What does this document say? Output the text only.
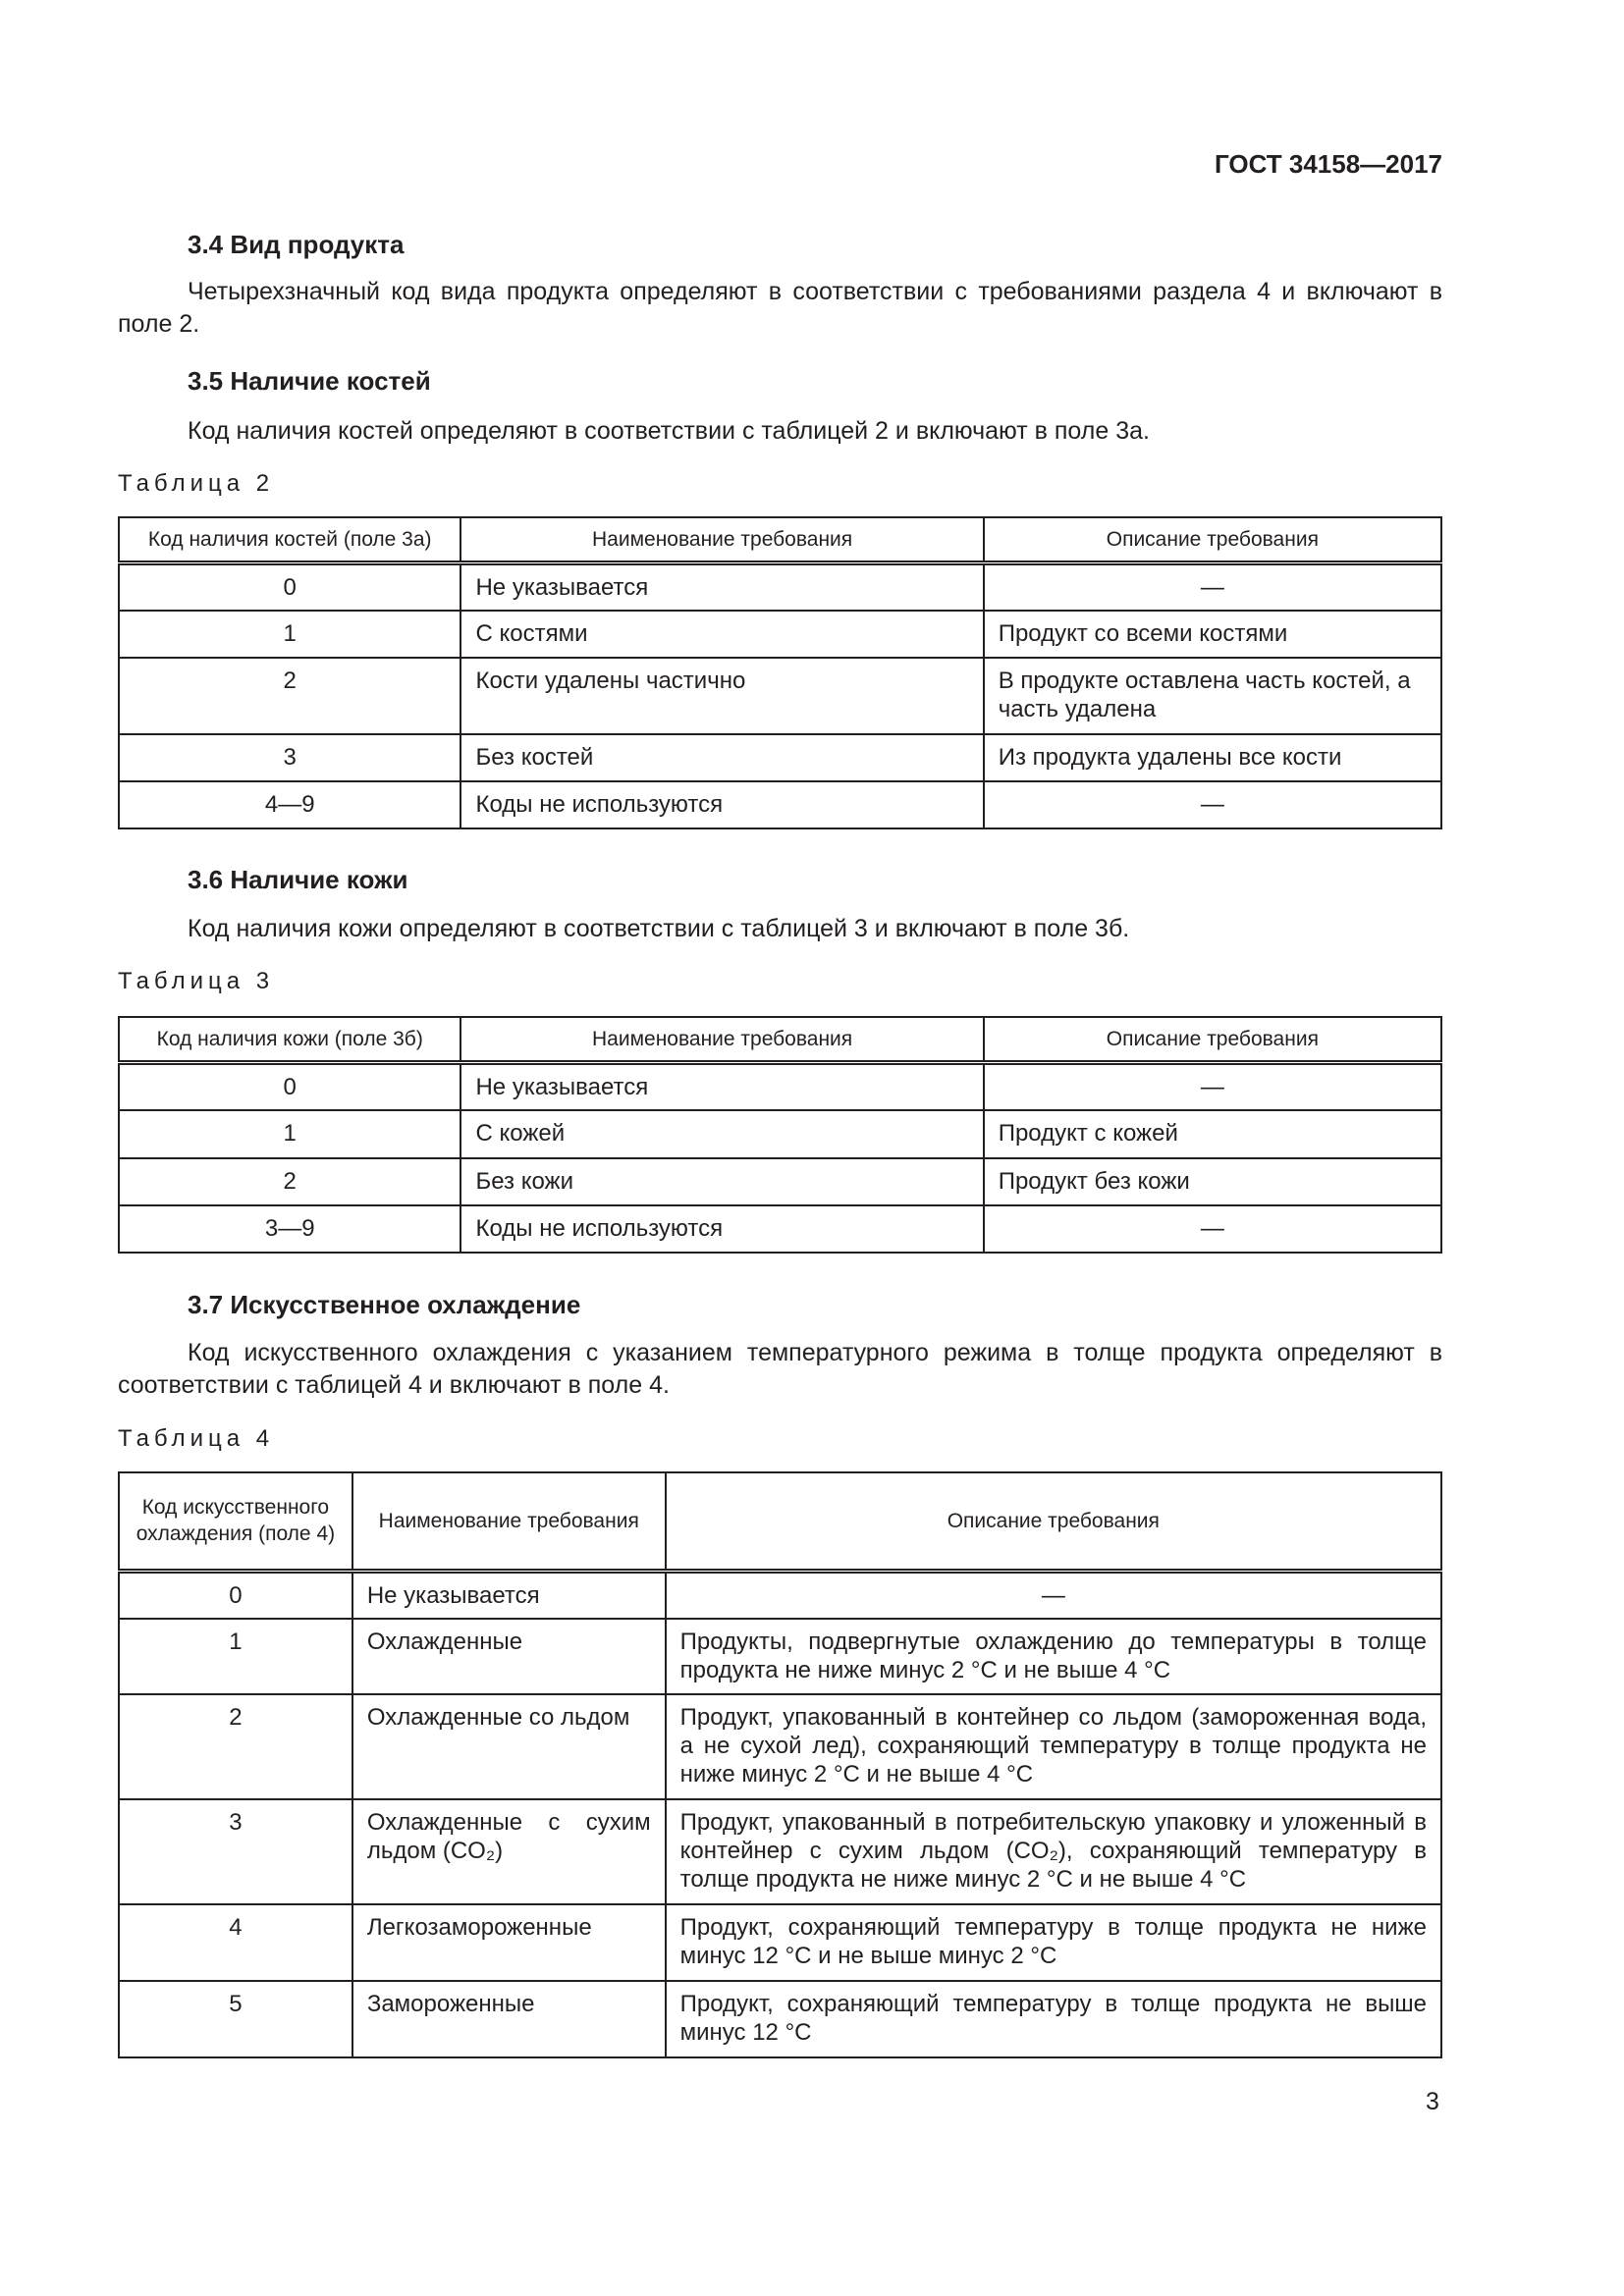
ГОСТ 34158—2017
3.4 Вид продукта
Четырехзначный код вида продукта определяют в соответствии с требованиями раздела 4 и включают в поле 2.
3.5 Наличие костей
Код наличия костей определяют в соответствии с таблицей 2 и включают в поле 3а.
Таблица 2
Код наличия костей (поле 3а)	Наименование требования	Описание требования
0	Не указывается	—
1	С костями	Продукт со всеми костями
2	Кости удалены частично	В продукте оставлена часть костей, а часть удалена
3	Без костей	Из продукта удалены все кости
4—9	Коды не используются	—
3.6 Наличие кожи
Код наличия кожи определяют в соответствии с таблицей 3 и включают в поле 3б.
Таблица 3
Код наличия кожи (поле 3б)	Наименование требования	Описание требования
0	Не указывается	—
1	С кожей	Продукт с кожей
2	Без кожи	Продукт без кожи
3—9	Коды не используются	—
3.7 Искусственное охлаждение
Код искусственного охлаждения с указанием температурного режима в толще продукта определяют в соответствии с таблицей 4 и включают в поле 4.
Таблица 4
Код искусственного охлаждения (поле 4)	Наименование требования	Описание требования
0	Не указывается	—
1	Охлажденные	Продукты, подвергнутые охлаждению до температуры в толще продукта не ниже минус 2 °С и не выше 4 °С
2	Охлажденные со льдом	Продукт, упакованный в контейнер со льдом (замороженная вода, а не сухой лед), сохраняющий температуру в толще продукта не ниже минус 2 °С и не выше 4 °С
3	Охлажденные с сухим льдом (CO₂)	Продукт, упакованный в потребительскую упаковку и уложенный в контейнер с сухим льдом (CO₂), сохраняющий температуру в толще продукта не ниже минус 2 °С и не выше 4 °С
4	Легкозамороженные	Продукт, сохраняющий температуру в толще продукта не ниже минус 12 °С и не выше минус 2 °С
5	Замороженные	Продукт, сохраняющий температуру в толще продукта не выше минус 12 °С
3
